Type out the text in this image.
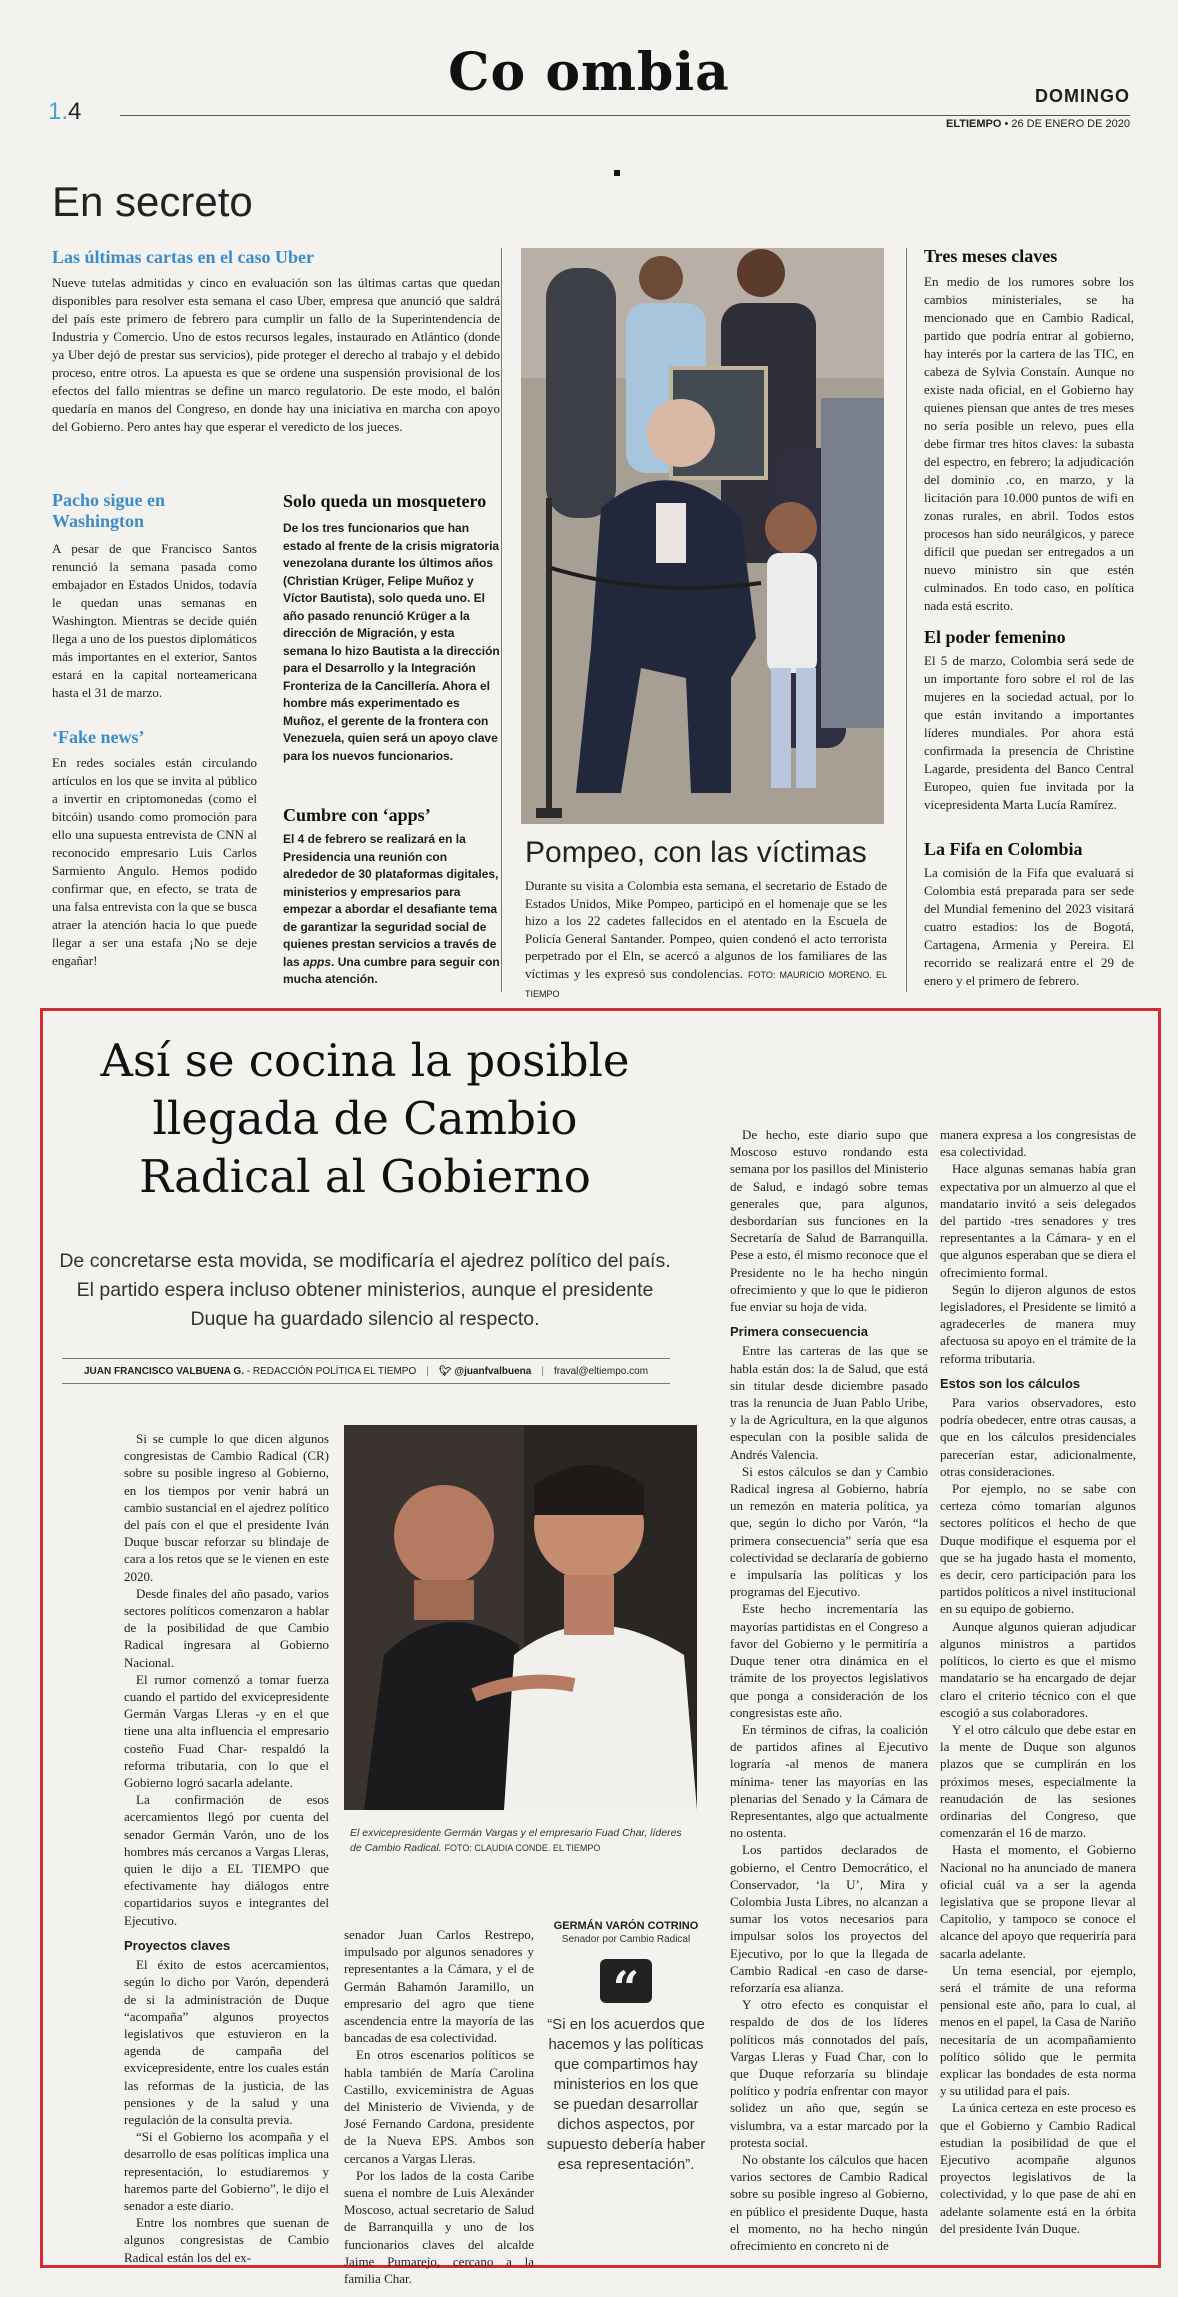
1.4
Co ombia	DOMINGO
ELTIEMPO • 26 DE ENERO DE 2020
En secreto
Las últimas cartas en el caso Uber

Nueve tutelas admitidas y cinco en evaluación son las últimas cartas que quedan disponibles para resolver esta semana el caso Uber, empresa que anunció que saldrá del país este primero de febrero para cumplir un fallo de la Superintendencia de Industria y Comercio. Uno de estos recursos legales, instaurado en Atlántico (donde ya Uber dejó de prestar sus servicios), pide proteger el derecho al trabajo y el debido proceso, entre otros. La apuesta es que se ordene una suspensión provisional de los efectos del fallo mientras se define un marco regulatorio. De este modo, el balón quedaría en manos del Congreso, en donde hay una iniciativa en marcha con apoyo del Gobierno. Pero antes hay que esperar el veredicto de los jueces.

Pacho sigue en Washington

A pesar de que Francisco Santos renunció la semana pasada como embajador en Estados Unidos, todavía le quedan unas semanas en Washington. Mientras se decide quién llega a uno de los puestos diplomáticos más importantes en el exterior, Santos estará en la capital norteamericana hasta el 31 de marzo.

‘Fake news’

En redes sociales están circulando artículos en los que se invita al público a invertir en criptomonedas (como el bitcóin) usando como promoción para ello una supuesta entrevista de CNN al reconocido empresario Luis Carlos Sarmiento Angulo. Hemos podido confirmar que, en efecto, se trata de una falsa entrevista con la que se busca atraer la atención hacia lo que puede llegar a ser una estafa ¡No se deje engañar!

Solo queda un mosquetero

De los tres funcionarios que han estado al frente de la crisis migratoria venezolana durante los últimos años (Christian Krüger, Felipe Muñoz y Víctor Bautista), solo queda uno. El año pasado renunció Krüger a la dirección de Migración, y esta semana lo hizo Bautista a la dirección para el Desarrollo y la Integración Fronteriza de la Cancillería. Ahora el hombre más experimentado es Muñoz, el gerente de la frontera con Venezuela, quien será un apoyo clave para los nuevos funcionarios.

Cumbre con ‘apps’

El 4 de febrero se realizará en la Presidencia una reunión con alrededor de 30 plataformas digitales, ministerios y empresarios para empezar a abordar el desafiante tema de garantizar la seguridad social de quienes prestan servicios a través de las apps. Una cumbre para seguir con mucha atención.

Pompeo, con las víctimas
Durante su visita a Colombia esta semana, el secretario de Estado de Estados Unidos, Mike Pompeo, participó en el homenaje que se les hizo a los 22 cadetes fallecidos en el atentado en la Escuela de Policía General Santander. Pompeo, quien condenó el acto terrorista perpetrado por el Eln, se acercó a algunos de los familiares de las víctimas y les expresó sus condolencias. FOTO: MAURICIO MORENO. EL TIEMPO
Tres meses claves

En medio de los rumores sobre los cambios ministeriales, se ha mencionado que en Cambio Radical, partido que podría entrar al gobierno, hay interés por la cartera de las TIC, en cabeza de Sylvia Constaín. Aunque no existe nada oficial, en el Gobierno hay quienes piensan que antes de tres meses no sería posible un relevo, pues ella debe firmar tres hitos claves: la subasta del espectro, en febrero; la adjudicación del dominio .co, en marzo, y la licitación para 10.000 puntos de wifi en zonas rurales, en abril. Todos estos procesos han sido neurálgicos, y parece difícil que puedan ser entregados a un nuevo ministro sin que estén culminados. En todo caso, en política nada está escrito.

El poder femenino

El 5 de marzo, Colombia será sede de un importante foro sobre el rol de las mujeres en la sociedad actual, por lo que están invitando a importantes líderes mundiales. Por ahora está confirmada la presencia de Christine Lagarde, presidenta del Banco Central Europeo, quien fue invitada por la vicepresidenta Marta Lucía Ramírez.

La Fifa en Colombia

La comisión de la Fifa que evaluará si Colombia está preparada para ser sede del Mundial femenino del 2023 visitará cuatro estadios: los de Bogotá, Cartagena, Armenia y Pereira. El recorrido se realizará entre el 29 de enero y el primero de febrero.

Así se cocina la posible llegada de Cambio Radical al Gobierno
De concretarse esta movida, se modificaría el ajedrez político del país. El partido espera incluso obtener ministerios, aunque el presidente Duque ha guardado silencio al respecto.
JUAN FRANCISCO VALBUENA G. - REDACCIÓN POLÍTICA EL TIEMPO | 🐦︎ @juanfvalbuena | fraval@eltiempo.com

Si se cumple lo que dicen algunos congresistas de Cambio Radical (CR) sobre su posible ingreso al Gobierno, en los tiempos por venir habrá un cambio sustancial en el ajedrez político del país con el que el presidente Iván Duque buscar reforzar su blindaje de cara a los retos que se le vienen en este 2020.

Desde finales del año pasado, varios sectores políticos comenzaron a hablar de la posibilidad de que Cambio Radical ingresara al Gobierno Nacional.

El rumor comenzó a tomar fuerza cuando el partido del exvicepresidente Germán Vargas Lleras -y en el que tiene una alta influencia el empresario costeño Fuad Char- respaldó la reforma tributaria, con lo que el Gobierno logró sacarla adelante.

La confirmación de esos acercamientos llegó por cuenta del senador Germán Varón, uno de los hombres más cercanos a Vargas Lleras, quien le dijo a EL TIEMPO que efectivamente hay diálogos entre copartidarios suyos e integrantes del Ejecutivo.

Proyectos claves

El éxito de estos acercamientos, según lo dicho por Varón, dependerá de si la administración de Duque “acompaña” algunos proyectos legislativos que estuvieron en la agenda de campaña del exvicepresidente, entre los cuales están las reformas de la justicia, de las pensiones y de la salud y una regulación de la consulta previa.

“Si el Gobierno los acompaña y el desarrollo de esas políticas implica una representación, lo estudiaremos y haremos parte del Gobierno”, le dijo el senador a este diario.

Entre los nombres que suenan de algunos congresistas de Cambio Radical están los del ex-

El exvicepresidente Germán Vargas y el empresario Fuad Char, líderes de Cambio Radical. FOTO: CLAUDIA CONDE. EL TIEMPO

senador Juan Carlos Restrepo, impulsado por algunos senadores y representantes a la Cámara, y el de Germán Bahamón Jaramillo, un empresario del agro que tiene ascendencia entre la mayoría de las bancadas de esa colectividad.

En otros escenarios políticos se habla también de María Carolina Castillo, exviceministra de Aguas del Ministerio de Vivienda, y de José Fernando Cardona, presidente de la Nueva EPS. Ambos son cercanos a Vargas Lleras.

Por los lados de la costa Caribe suena el nombre de Luis Alexánder Moscoso, actual secretario de Salud de Barranquilla y uno de los funcionarios claves del alcalde Jaime Pumarejo, cercano a la familia Char.

GERMÁN VARÓN COTRINO
Senador por Cambio Radical
“
“Si en los acuerdos que hacemos y las políticas que compartimos hay ministerios en los que se puedan desarrollar dichos aspectos, por supuesto debería haber esa representación”.

De hecho, este diario supo que Moscoso estuvo rondando esta semana por los pasillos del Ministerio de Salud, e indagó sobre temas generales que, para algunos, desbordarían sus funciones en la Secretaría de Salud de Barranquilla. Pese a esto, él mismo reconoce que el Presidente no le ha hecho ningún ofrecimiento y que lo que le pidieron fue enviar su hoja de vida.

Primera consecuencia

Entre las carteras de las que se habla están dos: la de Salud, que está sin titular desde diciembre pasado tras la renuncia de Juan Pablo Uribe, y la de Agricultura, en la que algunos especulan con la posible salida de Andrés Valencia.

Si estos cálculos se dan y Cambio Radical ingresa al Gobierno, habría un remezón en materia política, ya que, según lo dicho por Varón, “la primera consecuencia” sería que esa colectividad se declararía de gobierno e impulsaría las políticas y los programas del Ejecutivo.

Este hecho incrementaría las mayorías partidistas en el Congreso a favor del Gobierno y le permitiría a Duque tener otra dinámica en el trámite de los proyectos legislativos que ponga a consideración de los congresistas este año.

En términos de cifras, la coalición de partidos afines al Ejecutivo lograría -al menos de manera mínima- tener las mayorías en las plenarias del Senado y la Cámara de Representantes, algo que actualmente no ostenta.

Los partidos declarados de gobierno, el Centro Democrático, el Conservador, ‘la U’, Mira y Colombia Justa Libres, no alcanzan a sumar los votos necesarios para impulsar solos los proyectos del Ejecutivo, por lo que la llegada de Cambio Radical -en caso de darse- reforzaría esa alianza.

Y otro efecto es conquistar el respaldo de dos de los líderes políticos más connotados del país, Vargas Lleras y Fuad Char, con lo que Duque reforzaría su blindaje político y podría enfrentar con mayor solidez un año que, según se vislumbra, va a estar marcado por la protesta social.

No obstante los cálculos que hacen varios sectores de Cambio Radical sobre su posible ingreso al Gobierno, en público el presidente Duque, hasta el momento, no ha hecho ningún ofrecimiento en concreto ni de

manera expresa a los congresistas de esa colectividad.

Hace algunas semanas había gran expectativa por un almuerzo al que el mandatario invitó a seis delegados del partido -tres senadores y tres representantes a la Cámara- y en el que algunos esperaban que se diera el ofrecimiento formal.

Según lo dijeron algunos de estos legisladores, el Presidente se limitó a agradecerles de manera muy afectuosa su apoyo en el trámite de la reforma tributaria.

Estos son los cálculos

Para varios observadores, esto podría obedecer, entre otras causas, a que en los cálculos presidenciales parecerían estar, adicionalmente, otras consideraciones.

Por ejemplo, no se sabe con certeza cómo tomarían algunos sectores políticos el hecho de que Duque modifique el esquema por el que se ha jugado hasta el momento, es decir, cero participación para los partidos políticos a nivel institucional en su equipo de gobierno.

Aunque algunos quieran adjudicar algunos ministros a partidos políticos, lo cierto es que el mismo mandatario se ha encargado de dejar claro el criterio técnico con el que escogió a sus colaboradores.

Y el otro cálculo que debe estar en la mente de Duque son algunos plazos que se cumplirán en los próximos meses, especialmente la reanudación de las sesiones ordinarias del Congreso, que comenzarán el 16 de marzo.

Hasta el momento, el Gobierno Nacional no ha anunciado de manera oficial cuál va a ser la agenda legislativa que se propone llevar al Capitolio, y tampoco se conoce el alcance del apoyo que requeriría para sacarla adelante.

Un tema esencial, por ejemplo, será el trámite de una reforma pensional este año, para lo cual, al menos en el papel, la Casa de Nariño necesitaría de un acompañamiento político sólido que le permita explicar las bondades de esta norma y su utilidad para el país.

La única certeza en este proceso es que el Gobierno y Cambio Radical estudian la posibilidad de que el Ejecutivo acompañe algunos proyectos legislativos de la colectividad, y lo que pase de ahí en adelante solamente está en la órbita del presidente Iván Duque.
